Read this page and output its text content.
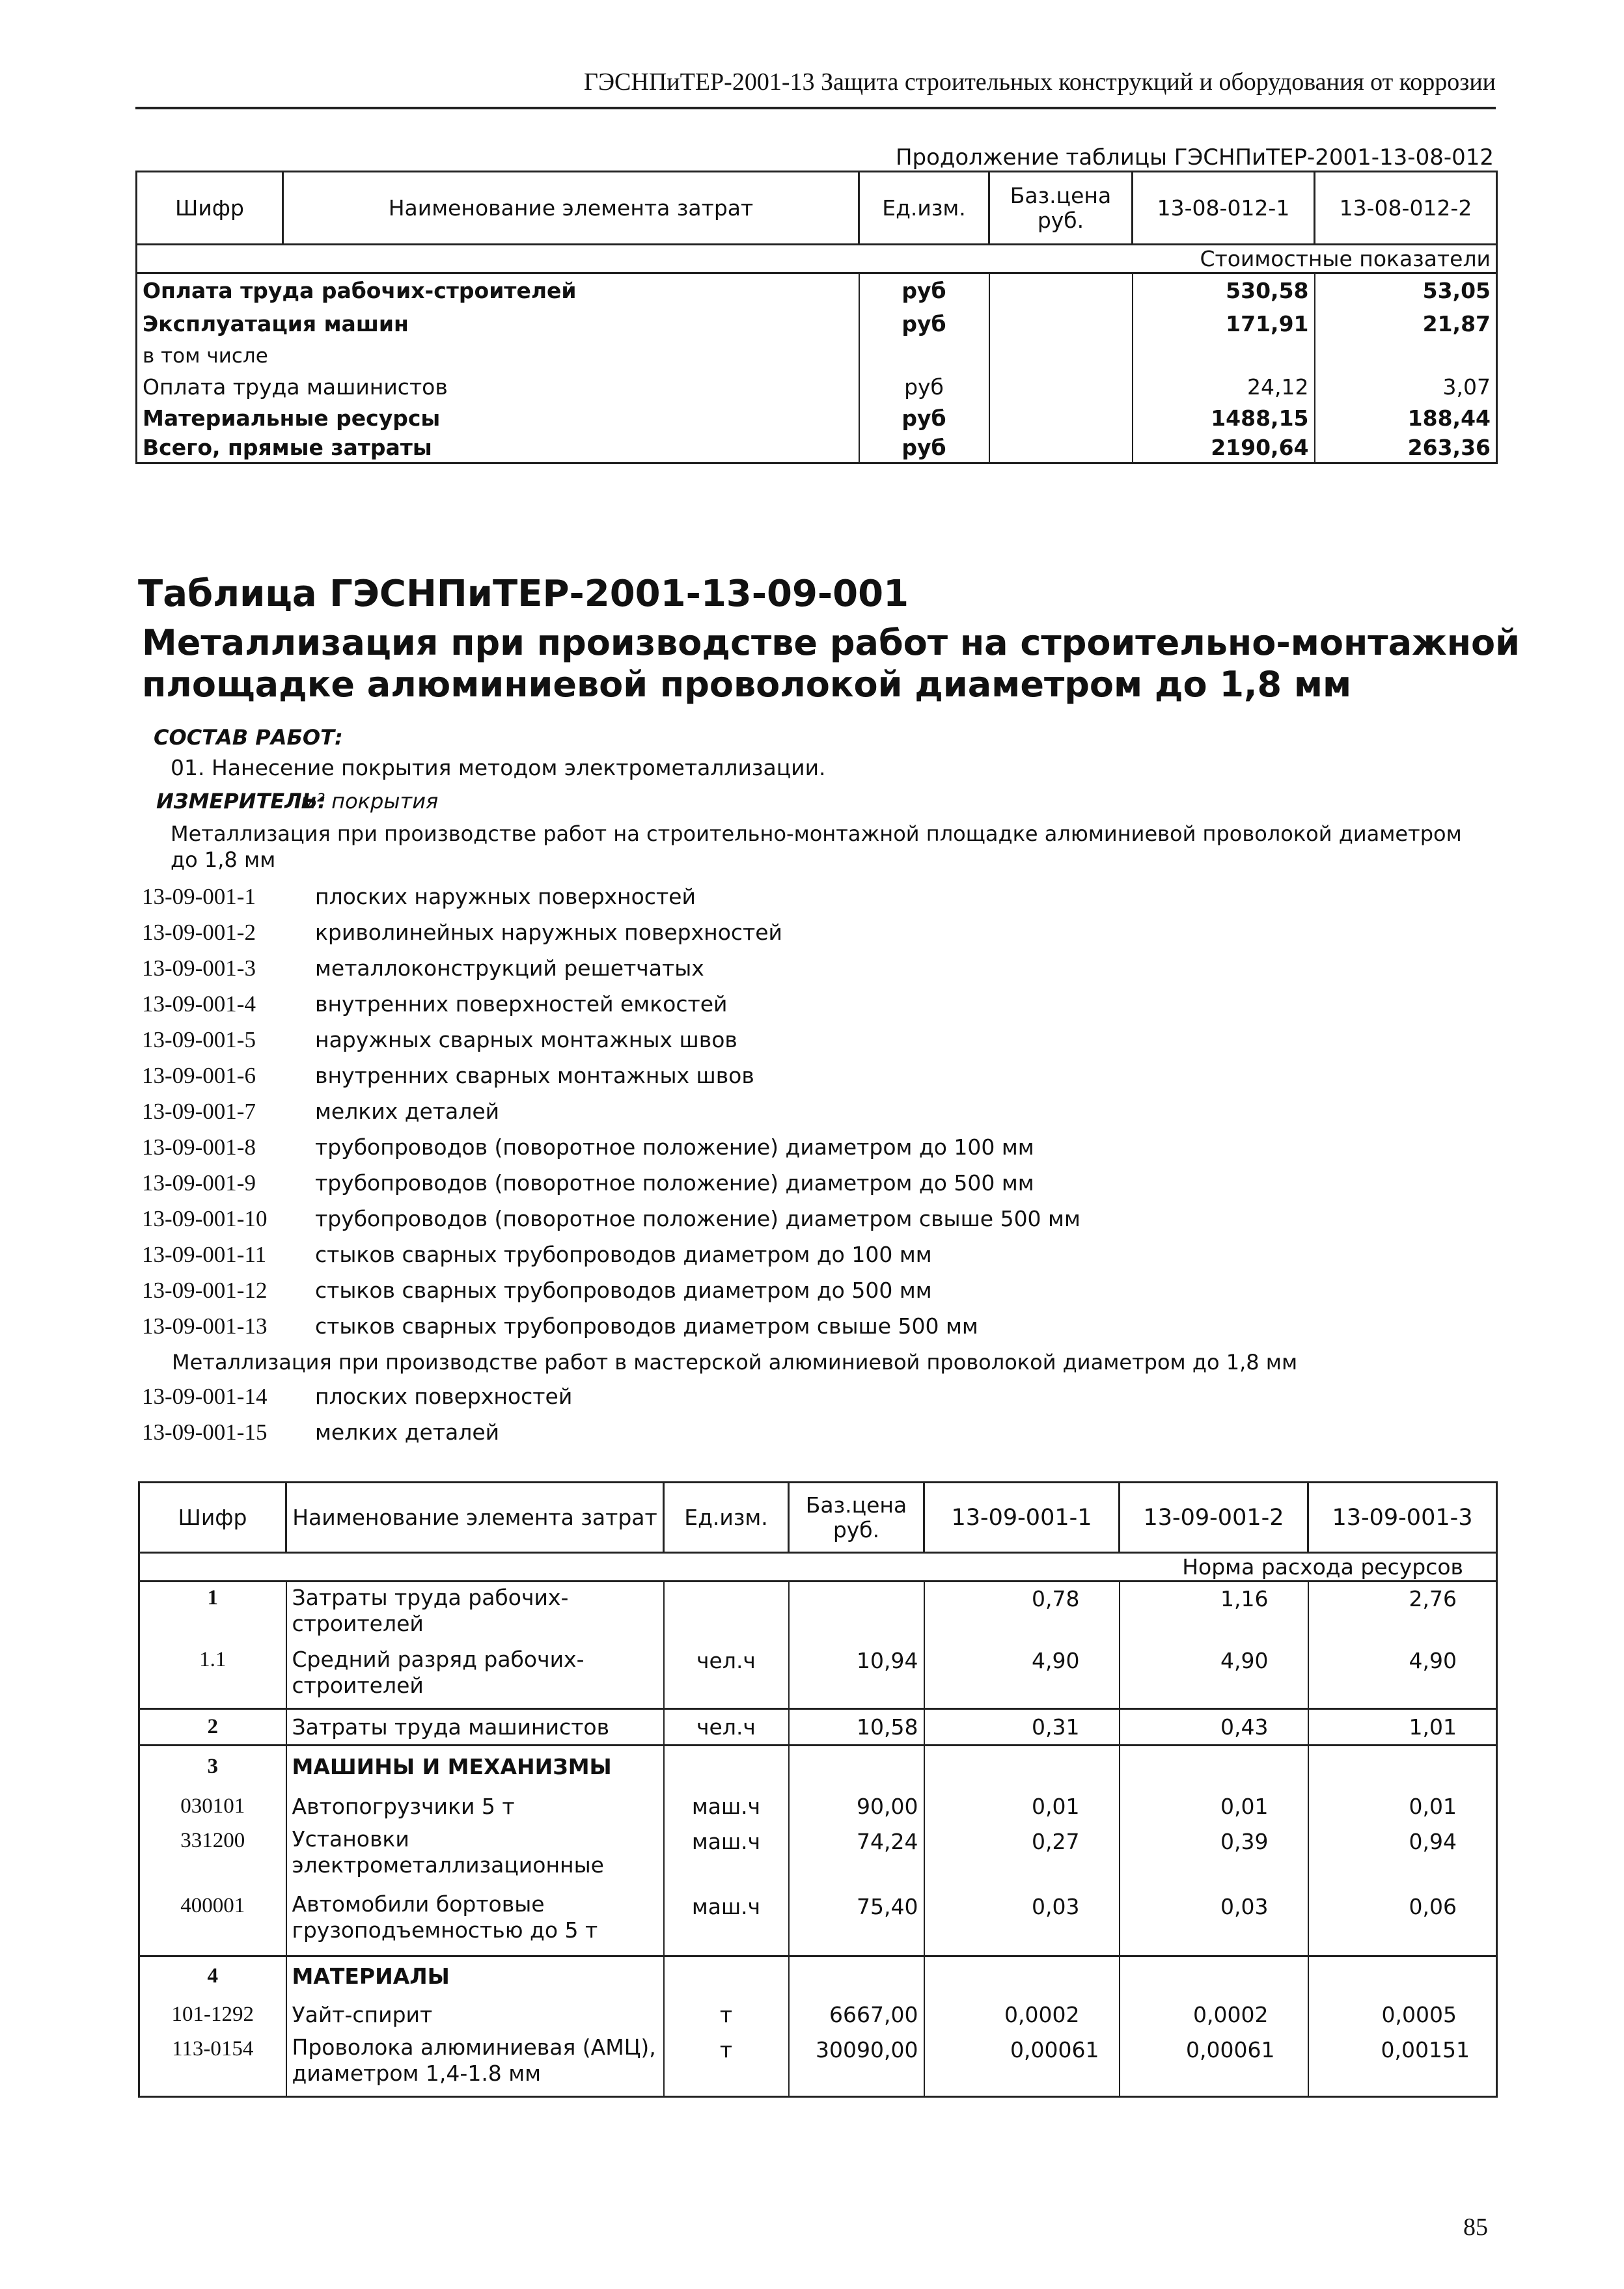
ГЭСНПиТЕР-2001-13 Защита строительных конструкций и оборудования от коррозии
Продолжение таблицы ГЭСНПиТЕР-2001-13-08-012
Шифр	Наименование элемента затрат	Ед.изм.	Баз.цена руб.	13-08-012-1	13-08-012-2
Стоимостные показатели					
Оплата труда рабочих-строителей		руб		530,58	53,05
Эксплуатация машин		руб		171,91	21,87
в том числе					
Оплата труда машинистов		руб		24,12	3,07
Материальные ресурсы		руб		1488,15	188,44
Всего, прямые затраты		руб		2190,64	263,36
Таблица ГЭСНПиТЕР-2001-13-09-001
Металлизация при производстве работ на строительно-монтажной
площадке алюминиевой проволокой диаметром до 1,8 мм
СОСТАВ РАБОТ:
01. Нанесение покрытия методом электрометаллизации.
ИЗМЕРИТЕЛЬ:
м² покрытия
Металлизация при производстве работ на строительно-монтажной площадке алюминиевой проволокой диаметром
до 1,8 мм
13-09-001-1	плоских наружных поверхностей
13-09-001-2	криволинейных наружных поверхностей
13-09-001-3	металлоконструкций решетчатых
13-09-001-4	внутренних поверхностей емкостей
13-09-001-5	наружных сварных монтажных швов
13-09-001-6	внутренних сварных монтажных швов
13-09-001-7	мелких деталей
13-09-001-8	трубопроводов (поворотное положение) диаметром до 100 мм
13-09-001-9	трубопроводов (поворотное положение) диаметром до 500 мм
13-09-001-10 трубопроводов (поворотное положение) диаметром свыше 500 мм
13-09-001-11 стыков сварных трубопроводов диаметром до 100 мм
13-09-001-12 стыков сварных трубопроводов диаметром до 500 мм
13-09-001-13 стыков сварных трубопроводов диаметром свыше 500 мм
Металлизация при производстве работ в мастерской алюминиевой проволокой диаметром до 1,8 мм
13-09-001-14 плоских поверхностей
13-09-001-15 мелких деталей
Шифр	Наименование элемента затрат	Ед.изм.	Баз.цена руб.	13-09-001-1	13-09-001-2	13-09-001-3
Норма расхода ресурсов						
1	Затраты труда рабочих-
строителей			0,78	1,16	2,76
1.1	Средний разряд рабочих-
строителей	чел.ч	10,94	4,90	4,90	4,90
2	Затраты труда машинистов	чел.ч	10,58	0,31	0,43	1,01
3	МАШИНЫ И МЕХАНИЗМЫ					
030101	Автопогрузчики 5 т	маш.ч	90,00	0,01	0,01	0,01
331200	Установки
электрометаллизационные	маш.ч	74,24	0,27	0,39	0,94
400001	Автомобили бортовые
грузоподъемностью до 5 т	маш.ч	75,40	0,03	0,03	0,06
4	МАТЕРИАЛЫ					
101-1292	Уайт-спирит	т	6667,00	0,0002	0,0002	0,0005
113-0154	Проволока алюминиевая (АМЦ),
диаметром 1,4-1.8 мм	т	30090,00	0,00061	0,00061	0,00151
85
